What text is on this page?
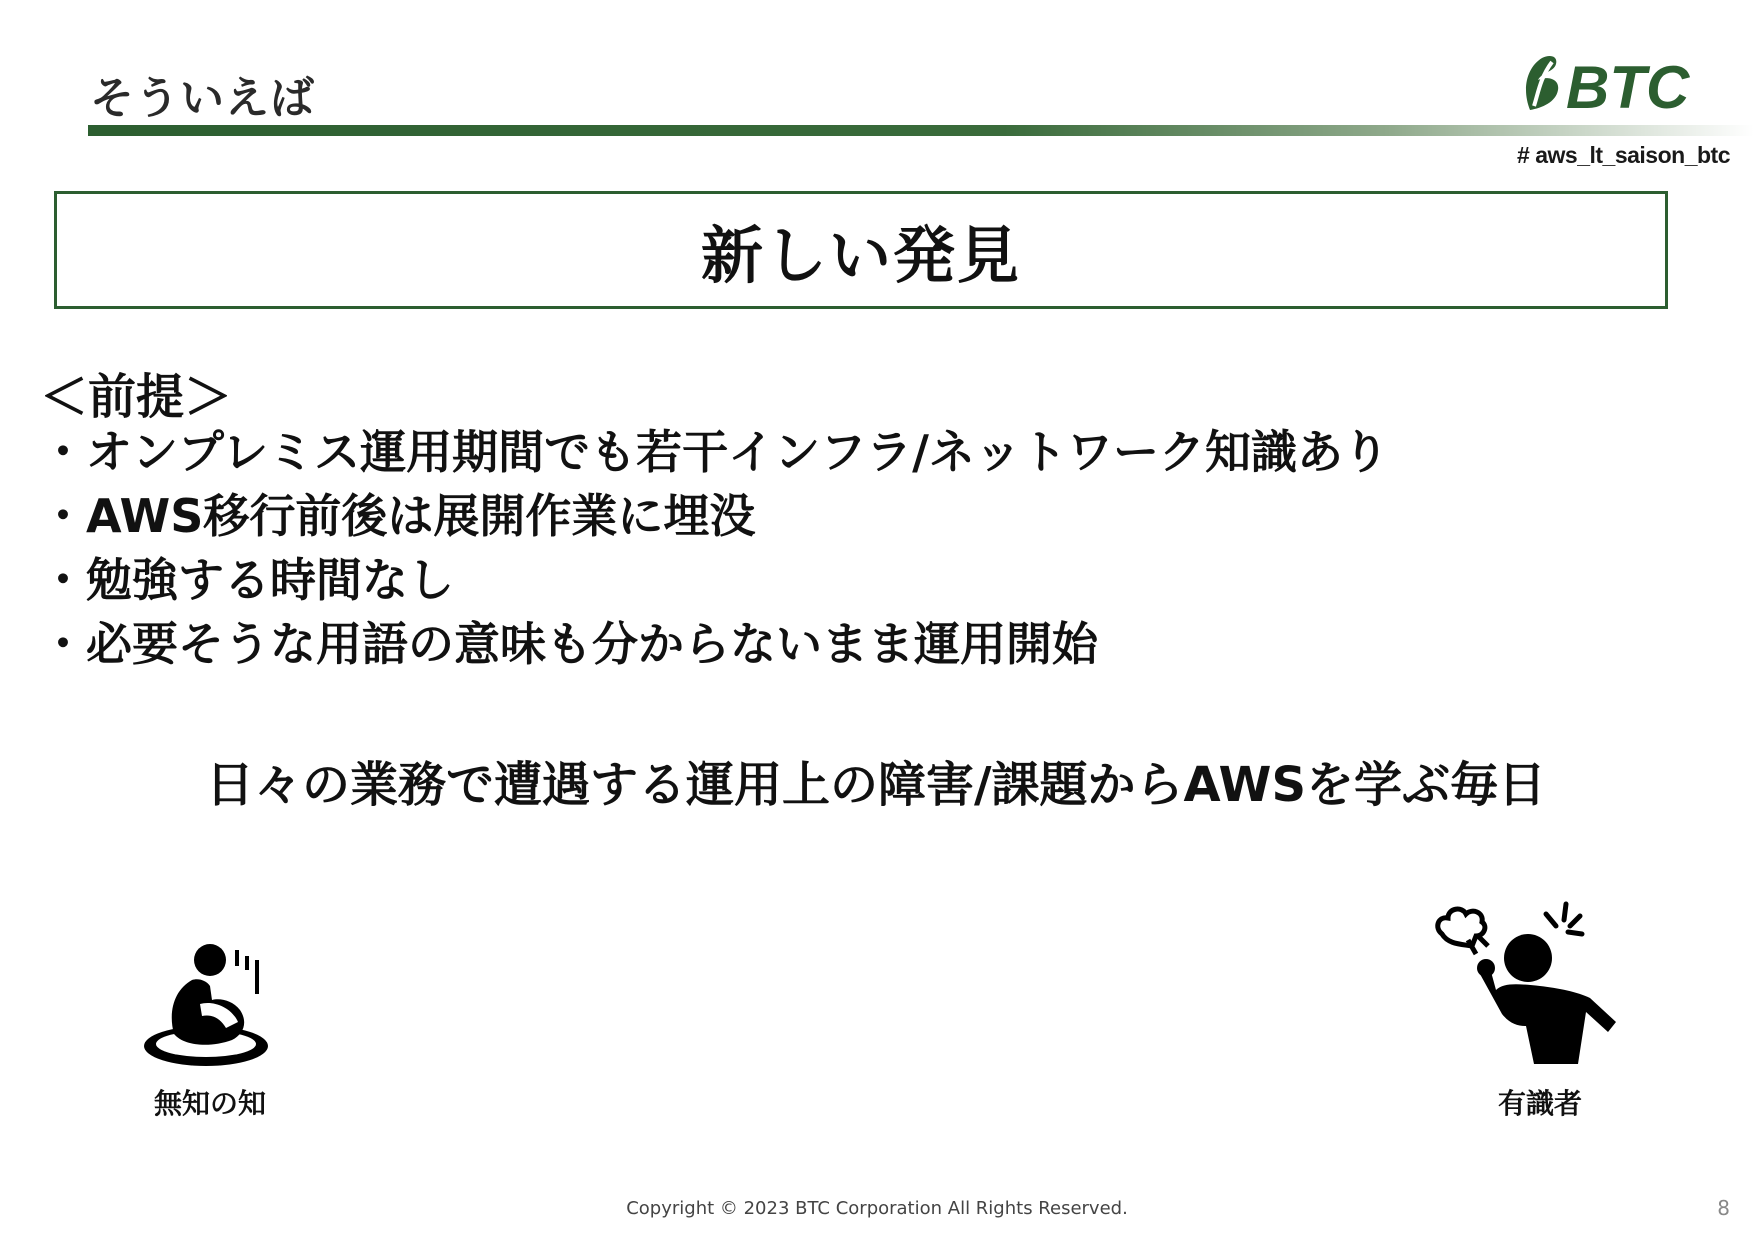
そういえば	BTC
# aws_lt_saison_btc
新しい発見
＜前提＞
・オンプレミス運用期間でも若干インフラ/ネットワーク知識あり
・AWS移行前後は展開作業に埋没
・勉強する時間なし
・必要そうな用語の意味も分からないまま運用開始
日々の業務で遭遇する運用上の障害/課題からAWSを学ぶ毎日
無知の知	有識者
Copyright © 2023 BTC Corporation All Rights Reserved.	8
